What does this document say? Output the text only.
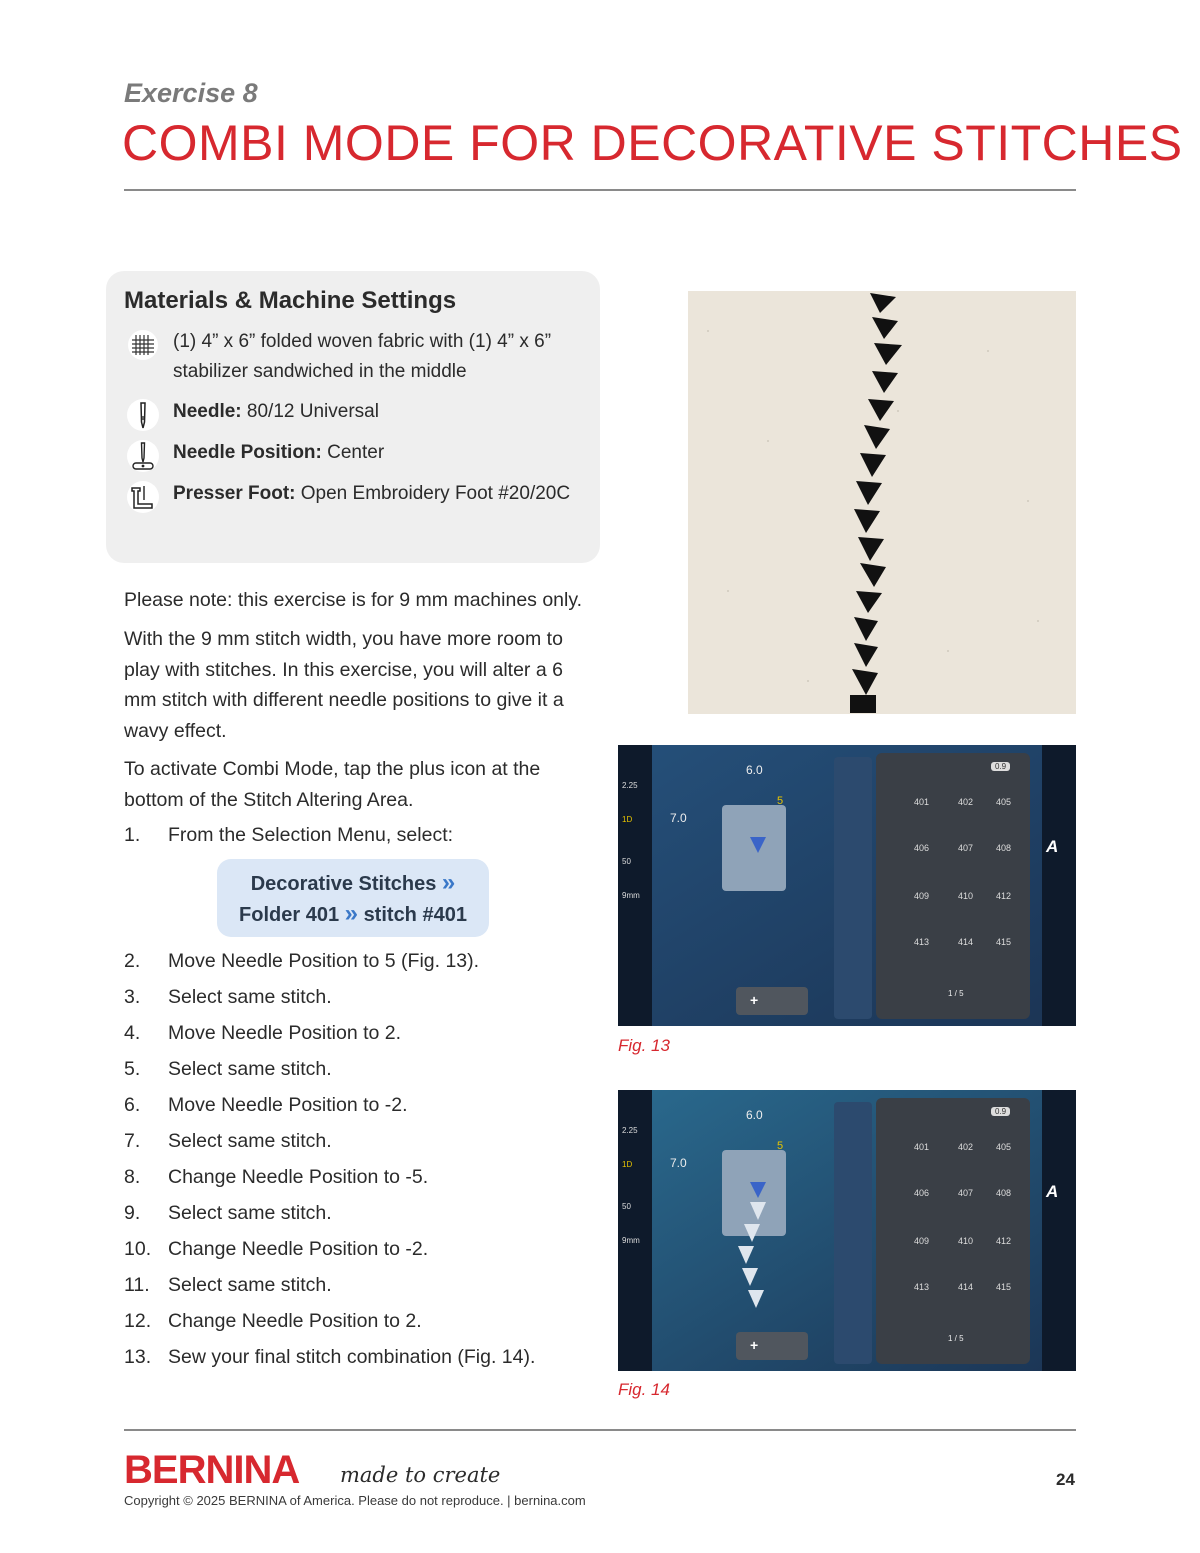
Exercise 8
COMBI MODE FOR DECORATIVE STITCHES
Materials & Machine Settings
(1) 4” x 6” folded woven fabric with (1) 4” x 6” stabilizer sandwiched in the middle
Needle: 80/12 Universal
Needle Position: Center
Presser Foot: Open Embroidery Foot #20/20C
Please note: this exercise is for 9 mm machines only.
With the 9 mm stitch width, you have more room to play with stitches. In this exercise, you will alter a 6 mm stitch with different needle positions to give it a wavy effect.
To activate Combi Mode, tap the plus icon at the bottom of the Stitch Altering Area.
1.	From the Selection Menu, select:
2.	Move Needle Position to 5 (Fig. 13).
3.	Select same stitch.
4.	Move Needle Position to 2.
5.	Select same stitch.
6.	Move Needle Position to -2.
7.	Select same stitch.
8.	Change Needle Position to -5.
9.	Select same stitch.
10. Change Needle Position to -2.
11. Select same stitch.
12. Change Needle Position to 2.
13. Sew your final stitch combination (Fig. 14).
Decorative Stitches »
Folder 401 » stitch #401
2.25
1D
50
9mm
6.0
7.0
5
0.9
1 / 5
A
+
401	402	405
406	407	408
409	410	412
413	414	415
Fig. 13
2.25
1D
50
9mm
6.0
7.0
5
0.9
1 / 5
A
+
401	402	405
406	407	408
409	410	412
413	414	415
Fig. 14
BERNINA made to create
Copyright © 2025 BERNINA of America. Please do not reproduce. | bernina.com
24
